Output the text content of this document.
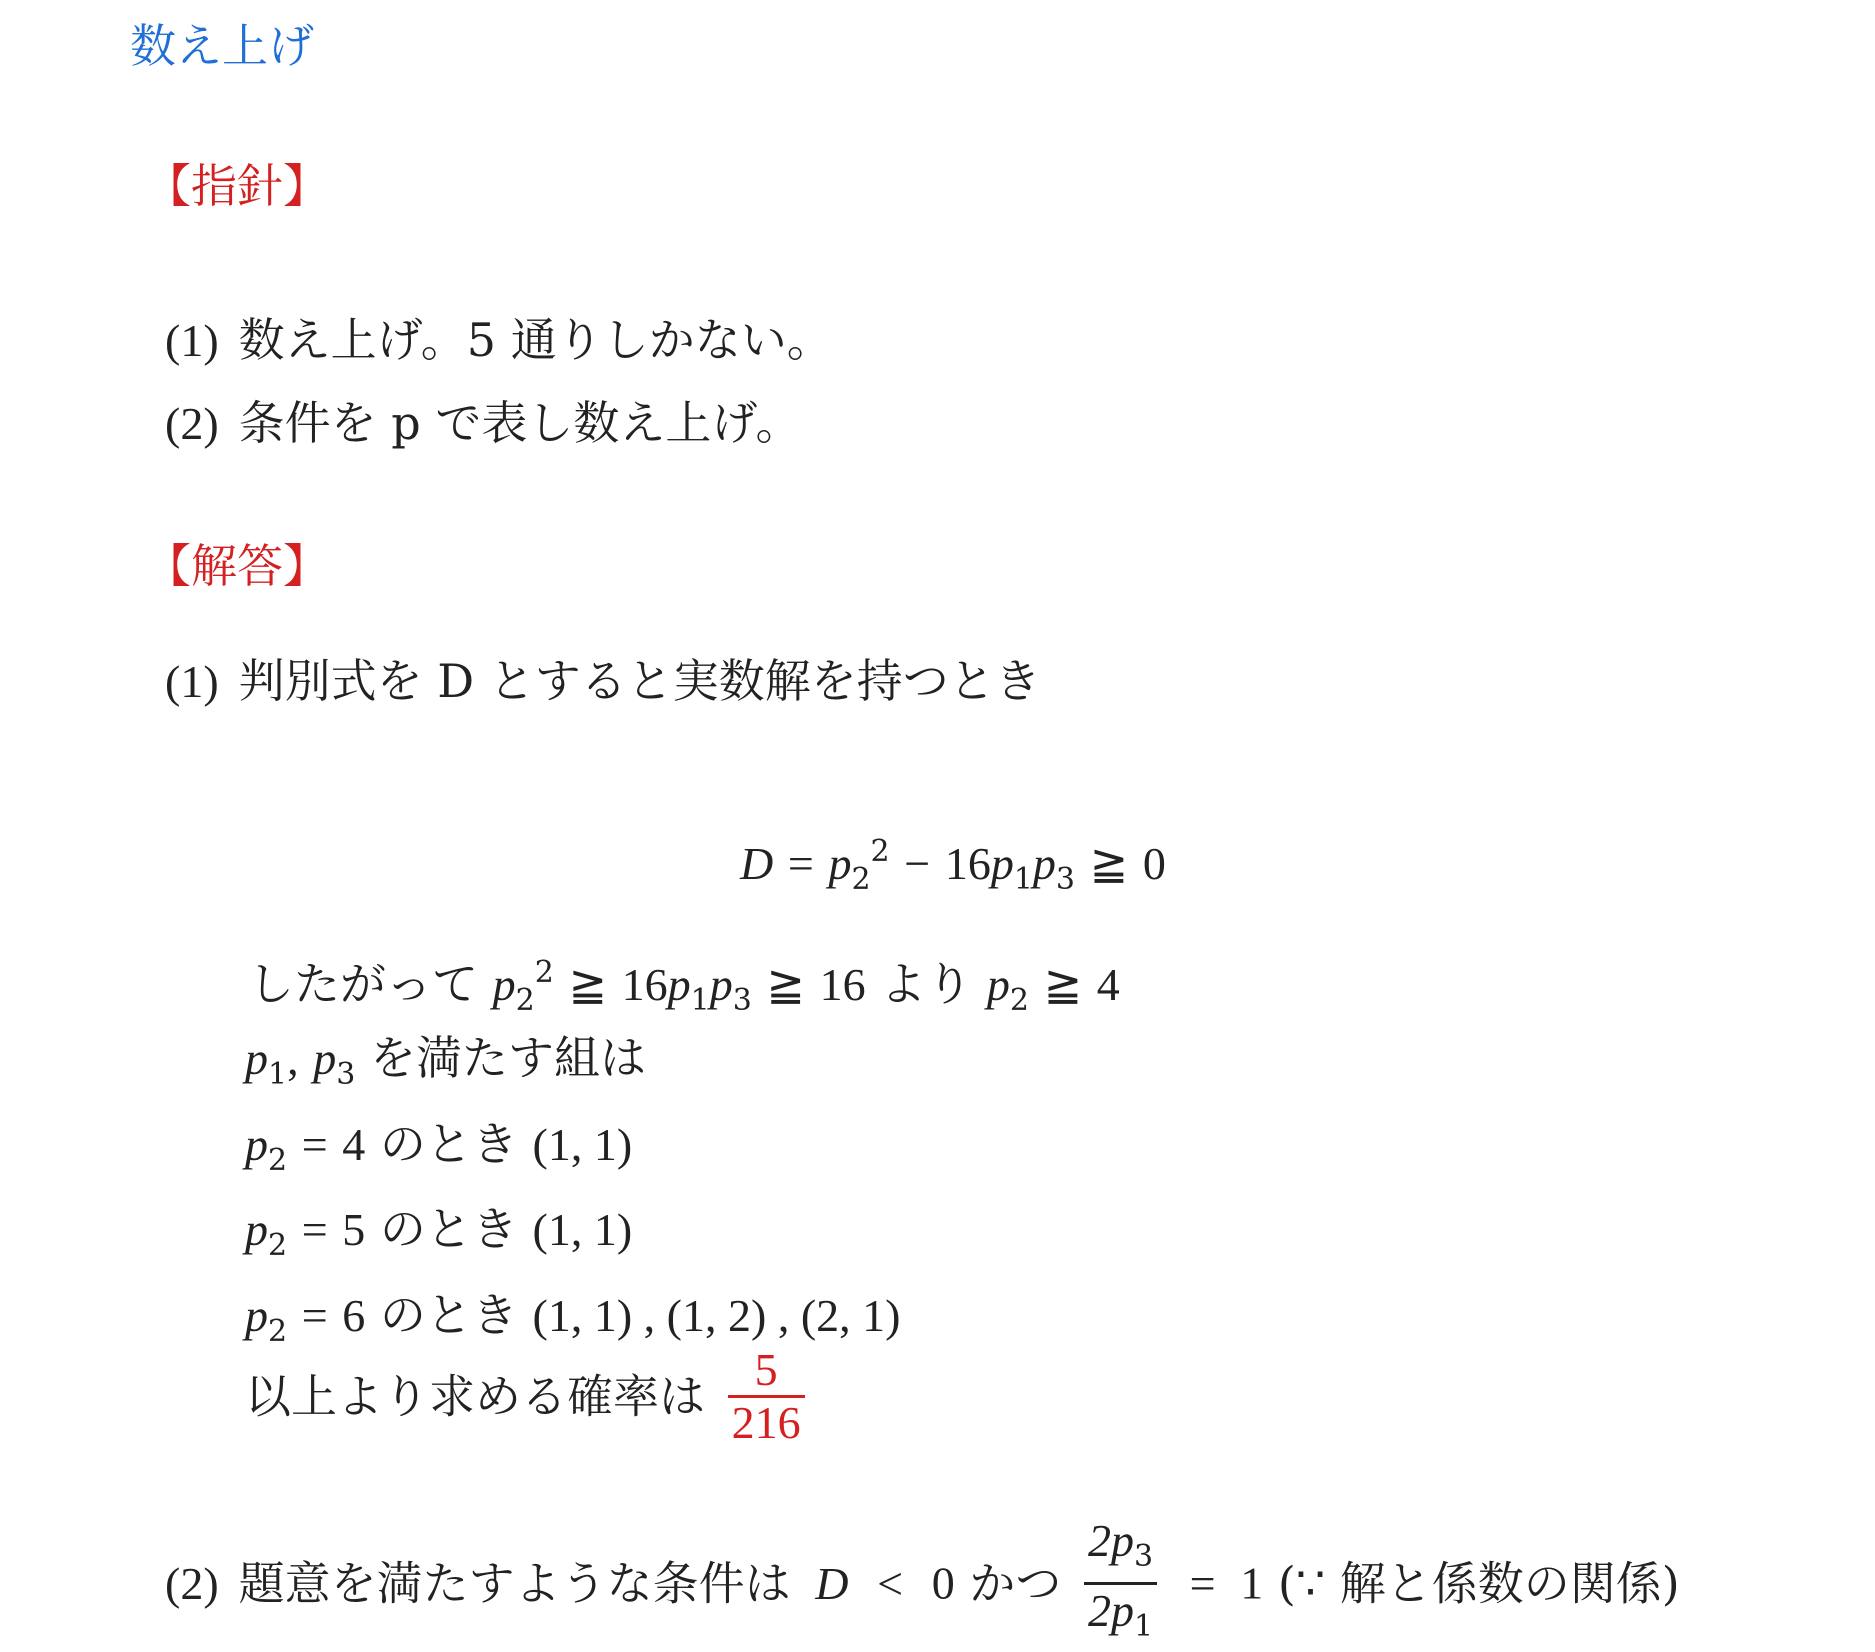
数え上げ
【指針】
(1) 数え上げ。5 通りしかない。
(2) 条件を p で表し数え上げ。
【解答】
(1) 判別式を D とすると実数解を持つとき
$D = p_2^2 - 16p_1p_3$ ≧ 0
したがって $p_2^2$ ≧ $16p_1p_3$ ≧ 16 より $p_2$ ≧ 4
$p_1$, $p_3$ を満たす組は
$p_2 = 4$ のとき (1, 1)
$p_2 = 5$ のとき (1, 1)
$p_2 = 6$ のとき (1, 1) , (1, 2) , (2, 1)
以上より求める確率は $\frac{5}{216}$
(2) 題意を満たすような条件は D < 0 かつ $\frac{2p_3}{2p_1} = 1$ (∵ 解と係数の関係)
